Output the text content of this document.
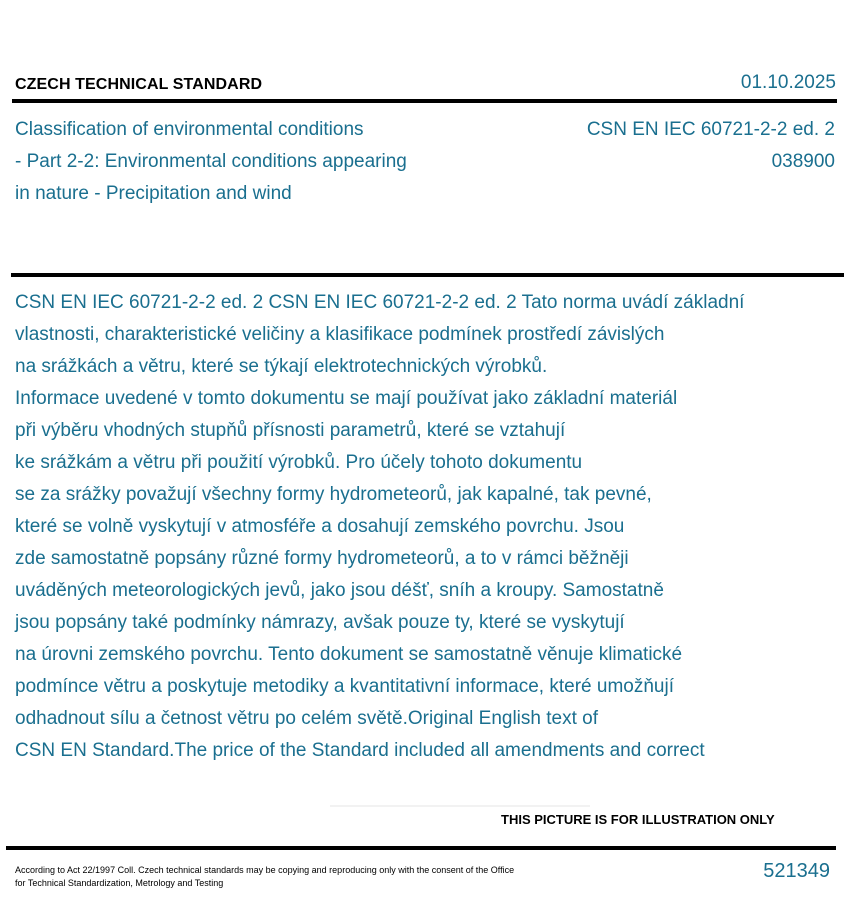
CZECH TECHNICAL STANDARD	01.10.2025
Classification of environmental conditions
- Part 2-2: Environmental conditions appearing
in nature - Precipitation and wind
CSN EN IEC 60721-2-2 ed. 2
038900
CSN EN IEC 60721-2-2 ed. 2 CSN EN IEC 60721-2-2 ed. 2 Tato norma uvádí základní
vlastnosti, charakteristické veličiny a klasifikace podmínek prostředí závislých
na srážkách a větru, které se týkají elektrotechnických výrobků.
Informace uvedené v tomto dokumentu se mají používat jako základní materiál
při výběru vhodných stupňů přísnosti parametrů, které se vztahují
ke srážkám a větru při použití výrobků. Pro účely tohoto dokumentu
se za srážky považují všechny formy hydrometeorů, jak kapalné, tak pevné,
které se volně vyskytují v atmosféře a dosahují zemského povrchu. Jsou
zde samostatně popsány různé formy hydrometeorů, a to v rámci běžněji
uváděných meteorologických jevů, jako jsou déšť, sníh a kroupy. Samostatně
jsou popsány také podmínky námrazy, avšak pouze ty, které se vyskytují
na úrovni zemského povrchu. Tento dokument se samostatně věnuje klimatické
podmínce větru a poskytuje metodiky a kvantitativní informace, které umožňují
odhadnout sílu a četnost větru po celém světě.Original English text of
CSN EN Standard.The price of the Standard included all amendments and correct
THIS PICTURE IS FOR ILLUSTRATION ONLY
According to Act 22/1997 Coll. Czech technical standards may be copying and reproducing only with the consent of the Office
for Technical Standardization, Metrology and Testing
521349
